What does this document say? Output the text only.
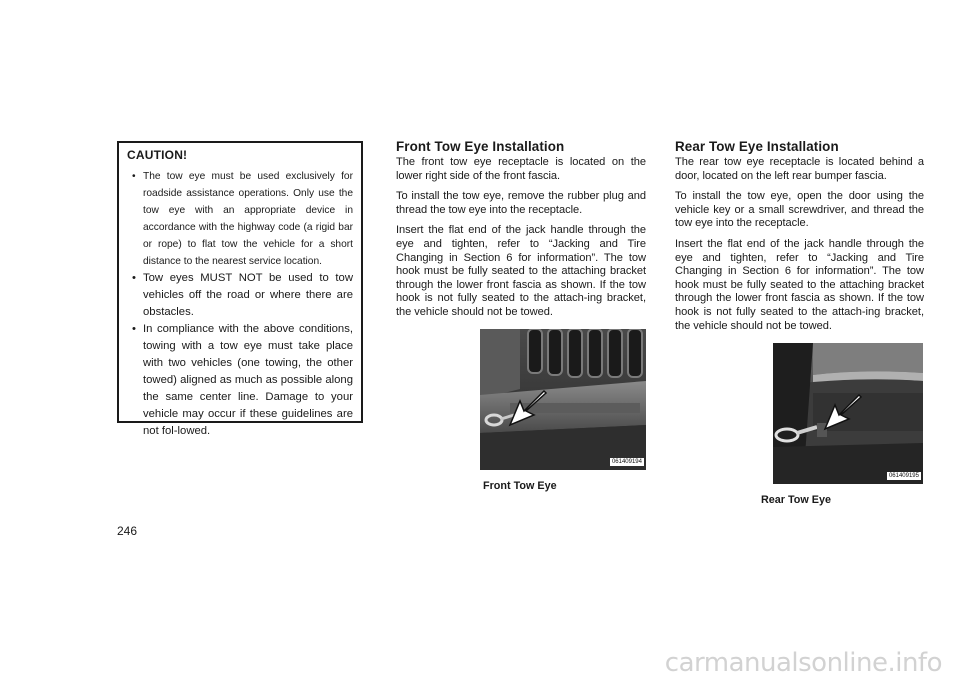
CAUTION!
• The tow eye must be used exclusively for roadside assistance operations. Only use the tow eye with an appropriate device in accordance with the highway code (a rigid bar or rope) to flat tow the vehicle for a short distance to the nearest service location.
• Tow eyes MUST NOT be used to tow vehicles off the road or where there are obstacles.
• In compliance with the above conditions, towing with a tow eye must take place with two vehicles (one towing, the other towed) aligned as much as possible along the same center line. Damage to your vehicle may occur if these guidelines are not fol-lowed.
Front Tow Eye Installation

The front tow eye receptacle is located on the lower right side of the front fascia.

To install the tow eye, remove the rubber plug and thread the tow eye into the receptacle.

Insert the flat end of the jack handle through the eye and tighten, refer to “Jacking and Tire Changing in Section 6 for information”. The tow hook must be fully seated to the attaching bracket through the lower front fascia as shown. If the tow hook is not fully seated to the attach-ing bracket, the vehicle should not be towed.

Rear Tow Eye Installation

The rear tow eye receptacle is located behind a door, located on the left rear bumper fascia.

To install the tow eye, open the door using the vehicle key or a small screwdriver, and thread the tow eye into the receptacle.

Insert the flat end of the jack handle through the eye and tighten, refer to “Jacking and Tire Changing in Section 6 for information”. The tow hook must be fully seated to the attaching bracket through the lower front fascia as shown. If the tow hook is not fully seated to the attach-ing bracket, the vehicle should not be towed.

061409194
Front Tow Eye
061409195
Rear Tow Eye
246
carmanualsonline.info
